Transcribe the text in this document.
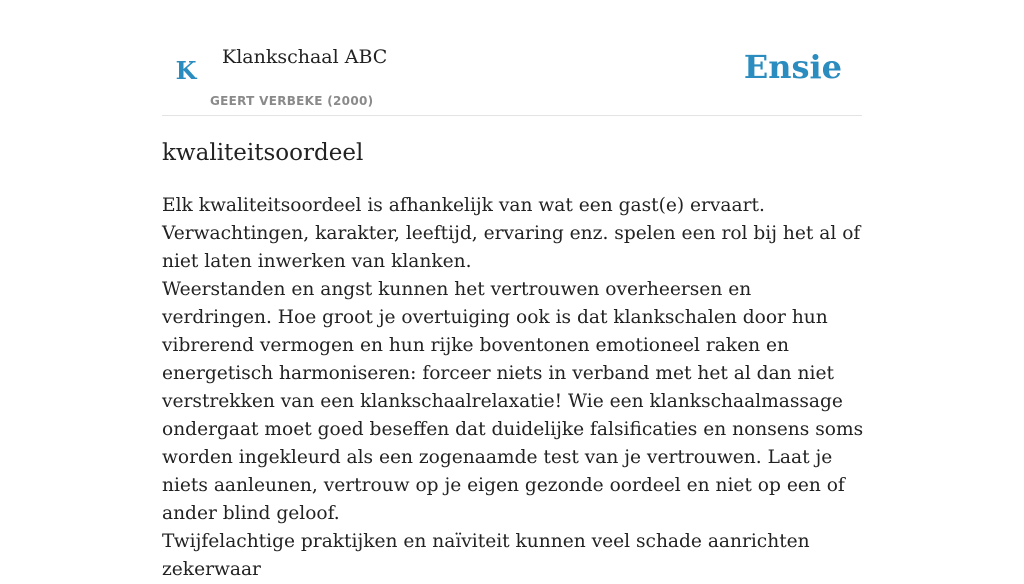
K	Klankschaal ABC
GEERT VERBEKE (2000)
Ensie
kwaliteitsoordeel

Elk kwaliteitsoordeel is afhankelijk van wat een gast(e) ervaart. Verwachtingen, karakter, leeftijd, ervaring enz. spelen een rol bij het al of niet laten inwerken van klanken.

Weerstanden en angst kunnen het vertrouwen overheersen en verdringen. Hoe groot je overtuiging ook is dat klankschalen door hun vibrerend vermogen en hun rijke boventonen emotioneel raken en energetisch harmoniseren: forceer niets in verband met het al dan niet verstrekken van een klankschaalrelaxatie! Wie een klankschaalmassage ondergaat moet goed beseffen dat duidelijke falsificaties en nonsens soms worden ingekleurd als een zogenaamde test van je vertrouwen. Laat je niets aanleunen, vertrouw op je eigen gezonde oordeel en niet op een of ander blind geloof.

Twijfelachtige praktijken en naïviteit kunnen veel schade aanrichten zekerwaar
